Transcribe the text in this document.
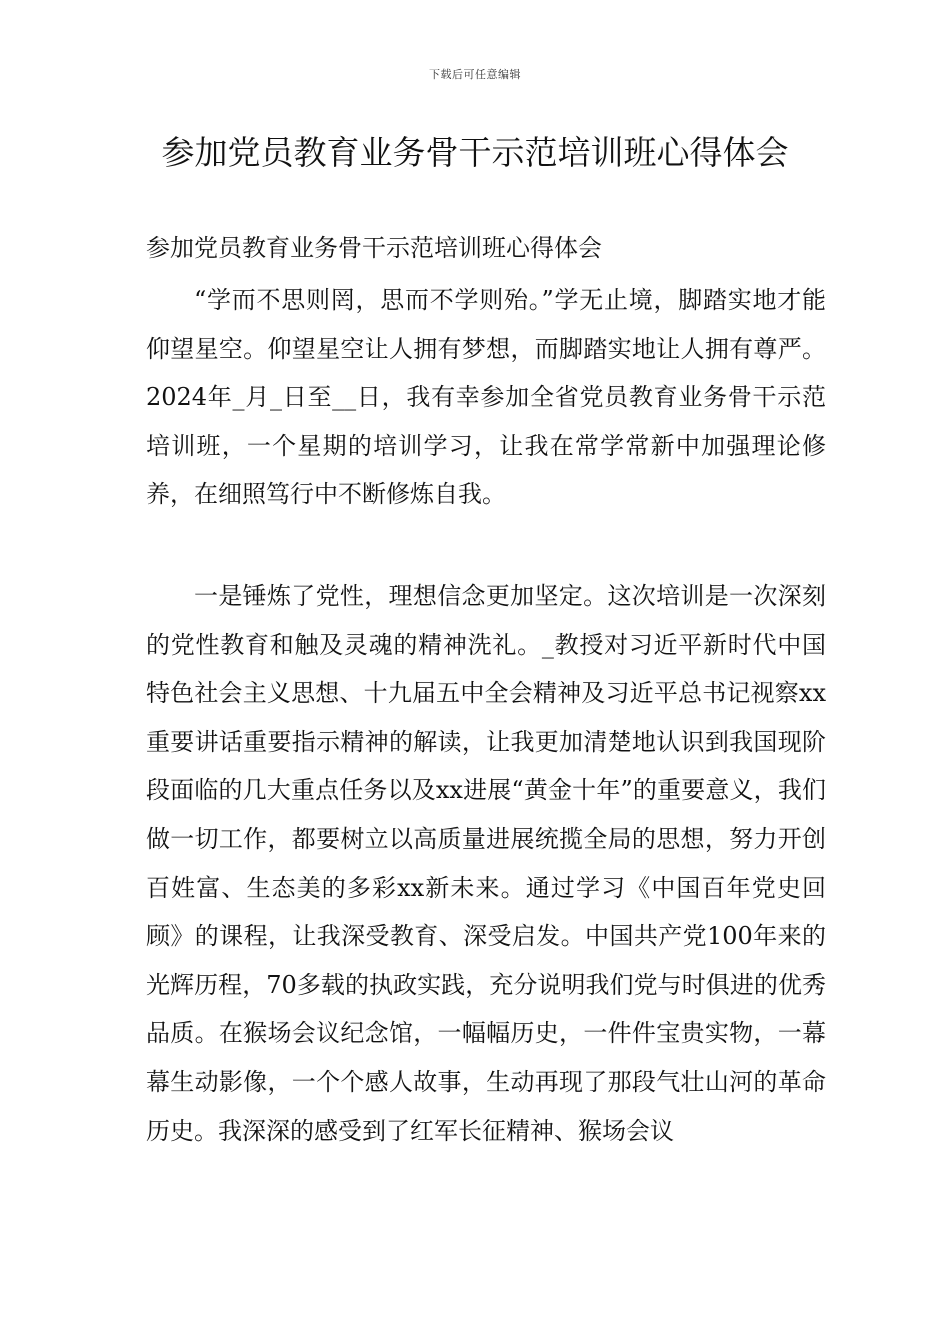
下载后可任意编辑
参加党员教育业务骨干示范培训班心得体会

参加党员教育业务骨干示范培训班心得体会

“学而不思则罔，思而不学则殆。”学无止境，脚踏实地才能仰望星空。仰望星空让人拥有梦想，而脚踏实地让人拥有尊严。2024年_月_日至__日，我有幸参加全省党员教育业务骨干示范培训班，一个星期的培训学习，让我在常学常新中加强理论修养，在细照笃行中不断修炼自我。

一是锤炼了党性，理想信念更加坚定。这次培训是一次深刻的党性教育和触及灵魂的精神洗礼。_教授对习近平新时代中国特色社会主义思想、十九届五中全会精神及习近平总书记视察xx重要讲话重要指示精神的解读，让我更加清楚地认识到我国现阶段面临的几大重点任务以及xx进展“黄金十年”的重要意义，我们做一切工作，都要树立以高质量进展统揽全局的思想，努力开创百姓富、生态美的多彩xx新未来。通过学习《中国百年党史回顾》的课程，让我深受教育、深受启发。中国共产党100年来的光辉历程，70多载的执政实践，充分说明我们党与时俱进的优秀品质。在猴场会议纪念馆，一幅幅历史，一件件宝贵实物，一幕幕生动影像，一个个感人故事，生动再现了那段气壮山河的革命历史。我深深的感受到了红军长征精神、猴场会议
